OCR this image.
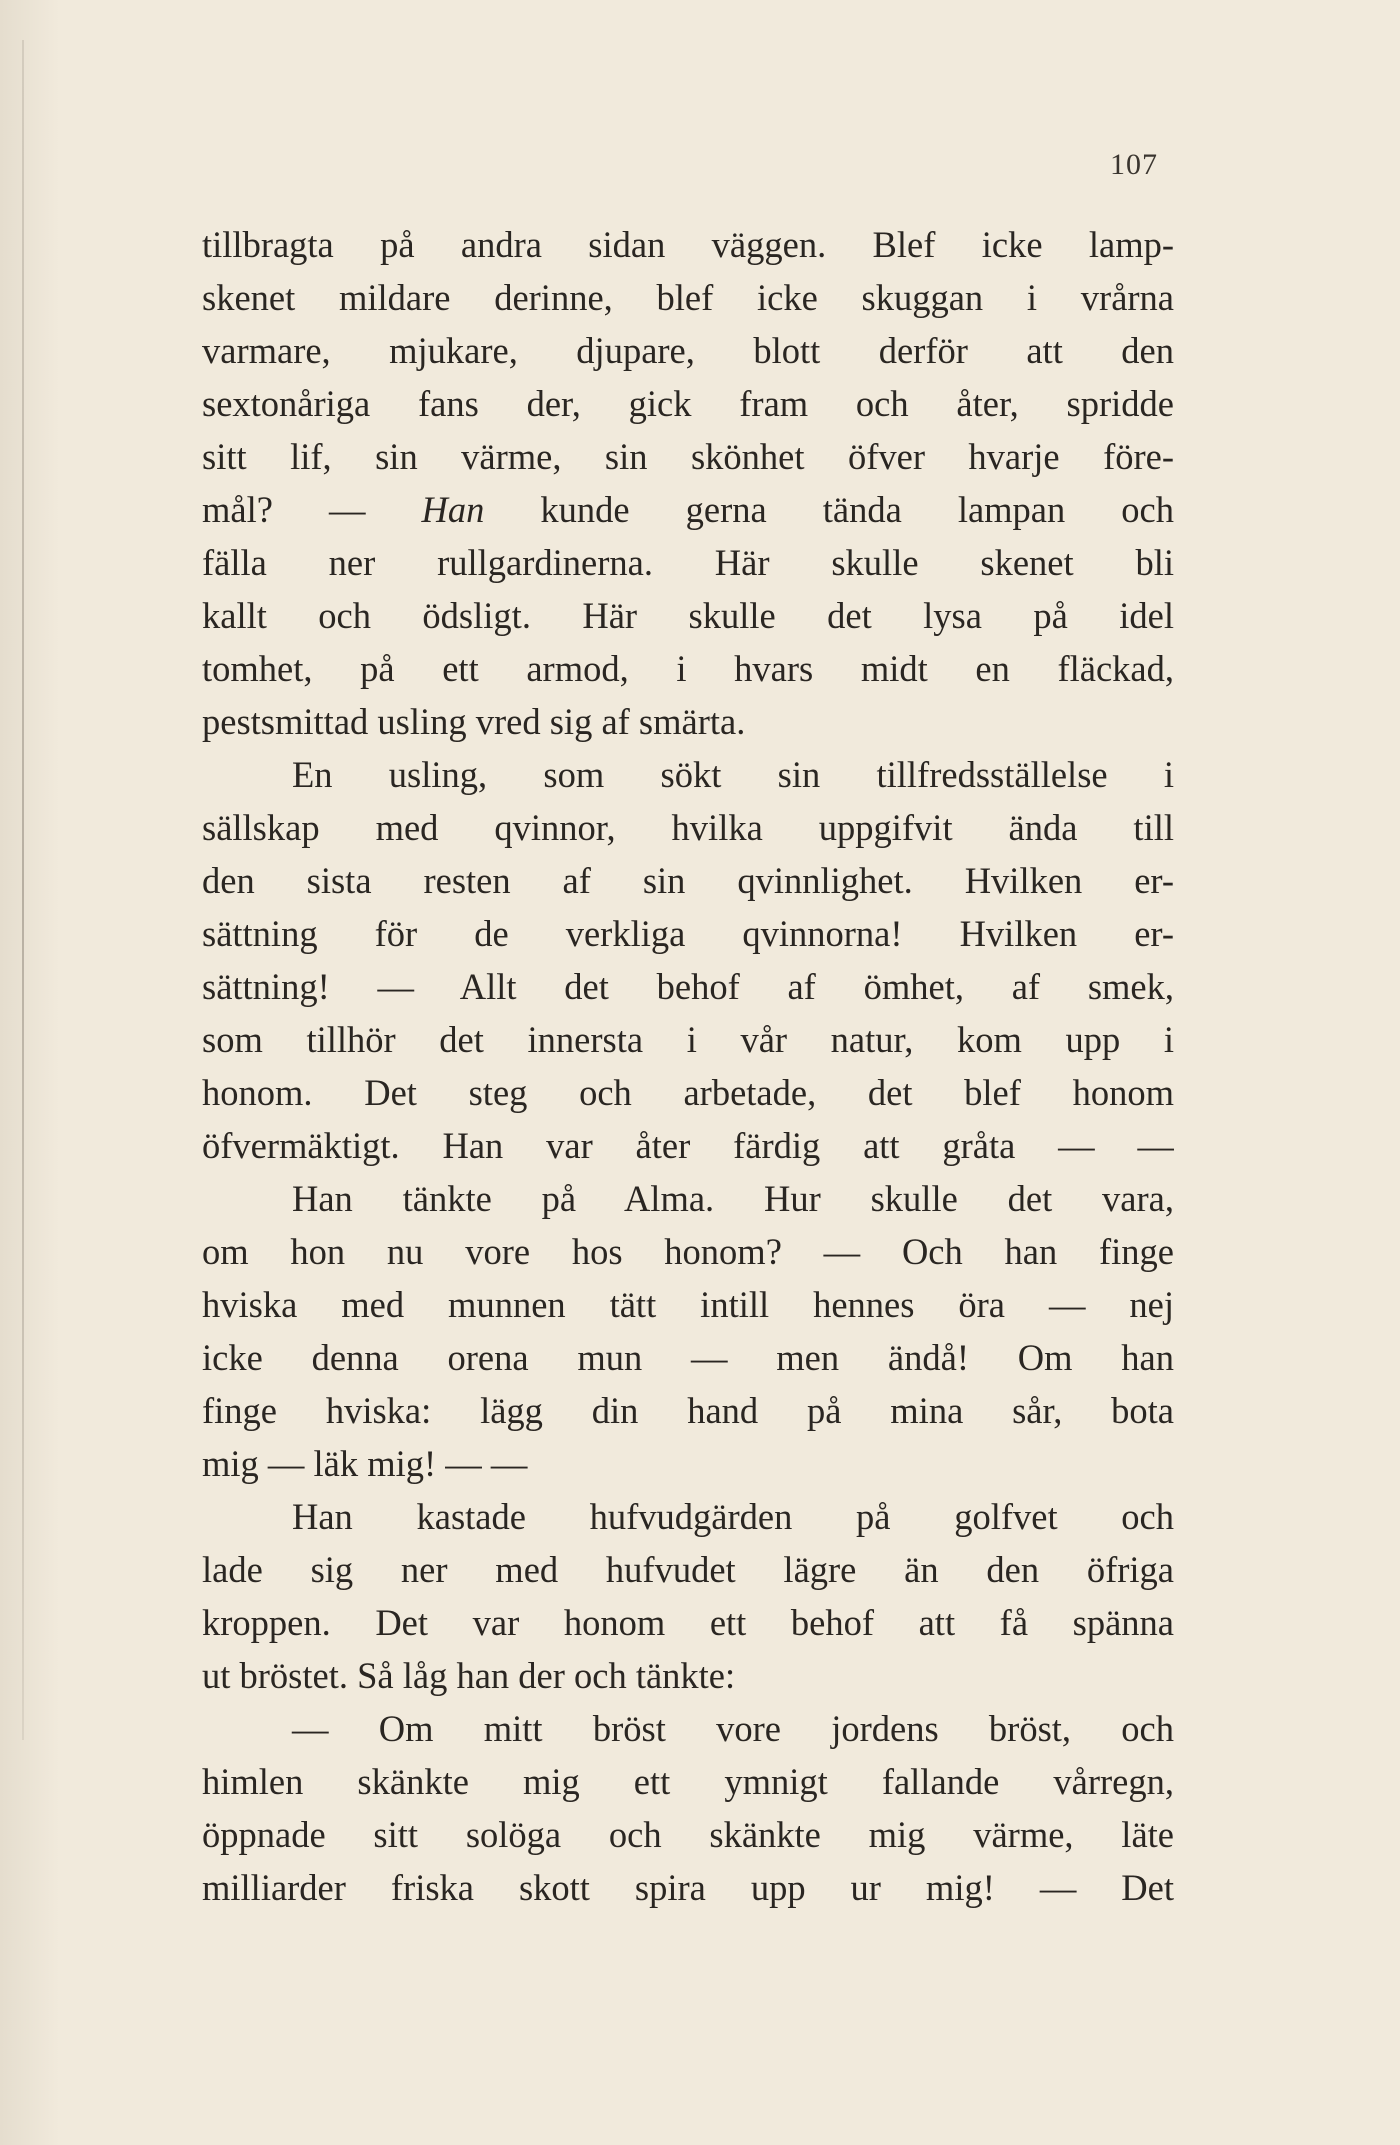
107
tillbragta på andra sidan väggen. Blef icke lamp-
skenet mildare derinne, blef icke skuggan i vrårna
varmare, mjukare, djupare, blott derför att den
sextonåriga fans der, gick fram och åter, spridde
sitt lif, sin värme, sin skönhet öfver hvarje före-
mål? — Han kunde gerna tända lampan och
fälla ner rullgardinerna. Här skulle skenet bli
kallt och ödsligt. Här skulle det lysa på idel
tomhet, på ett armod, i hvars midt en fläckad,
pestsmittad usling vred sig af smärta.
En usling, som sökt sin tillfredsställelse i
sällskap med qvinnor, hvilka uppgifvit ända till
den sista resten af sin qvinnlighet. Hvilken er-
sättning för de verkliga qvinnorna! Hvilken er-
sättning! — Allt det behof af ömhet, af smek,
som tillhör det innersta i vår natur, kom upp i
honom. Det steg och arbetade, det blef honom
öfvermäktigt. Han var åter färdig att gråta — —
Han tänkte på Alma. Hur skulle det vara,
om hon nu vore hos honom? — Och han finge
hviska med munnen tätt intill hennes öra — nej
icke denna orena mun — men ändå! Om han
finge hviska: lägg din hand på mina sår, bota
mig — läk mig! — —
Han kastade hufvudgärden på golfvet och
lade sig ner med hufvudet lägre än den öfriga
kroppen. Det var honom ett behof att få spänna
ut bröstet. Så låg han der och tänkte:
— Om mitt bröst vore jordens bröst, och
himlen skänkte mig ett ymnigt fallande vårregn,
öppnade sitt solöga och skänkte mig värme, läte
milliarder friska skott spira upp ur mig! — Det
